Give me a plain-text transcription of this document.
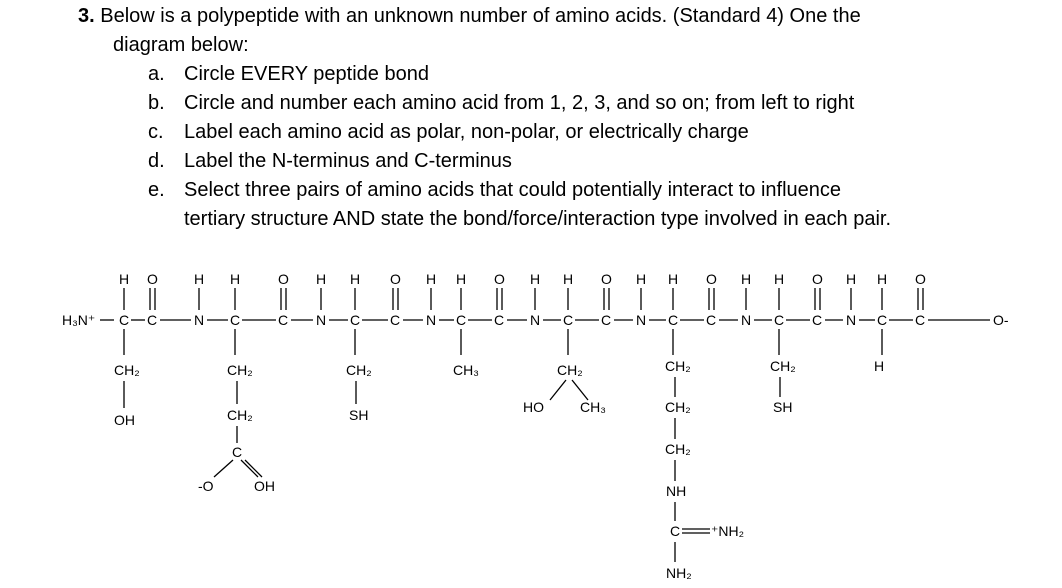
3. Below is a polypeptide with an unknown number of amino acids. (Standard 4) One the
diagram below:
a. Circle EVERY peptide bond
b. Circle and number each amino acid from 1, 2, 3, and so on; from left to right
c. Label each amino acid as polar, non-polar, or electrically charge
d. Label the N-terminus and C-terminus
e. Select three pairs of amino acids that could potentially interact to influence
tertiary structure AND state the bond/force/interaction type involved in each pair.
H₃N⁺	O-
C
H
C
O
N
H
C
H
C
O
N
H
C
H
C
O
N
H
C
H
C
O
N
H
C
H
C
O
N
H
C
H
C
O
N
H
C
H
C
O
N
H
C
H
C
O
CH₂
OH
CH₂
CH₂
C
-O	OH
CH₂
SH
CH₃	CH₂
HO	CH₃
CH₂
CH₂
CH₂
NH
C ⁺NH₂
NH₂
CH₂
SH
H
